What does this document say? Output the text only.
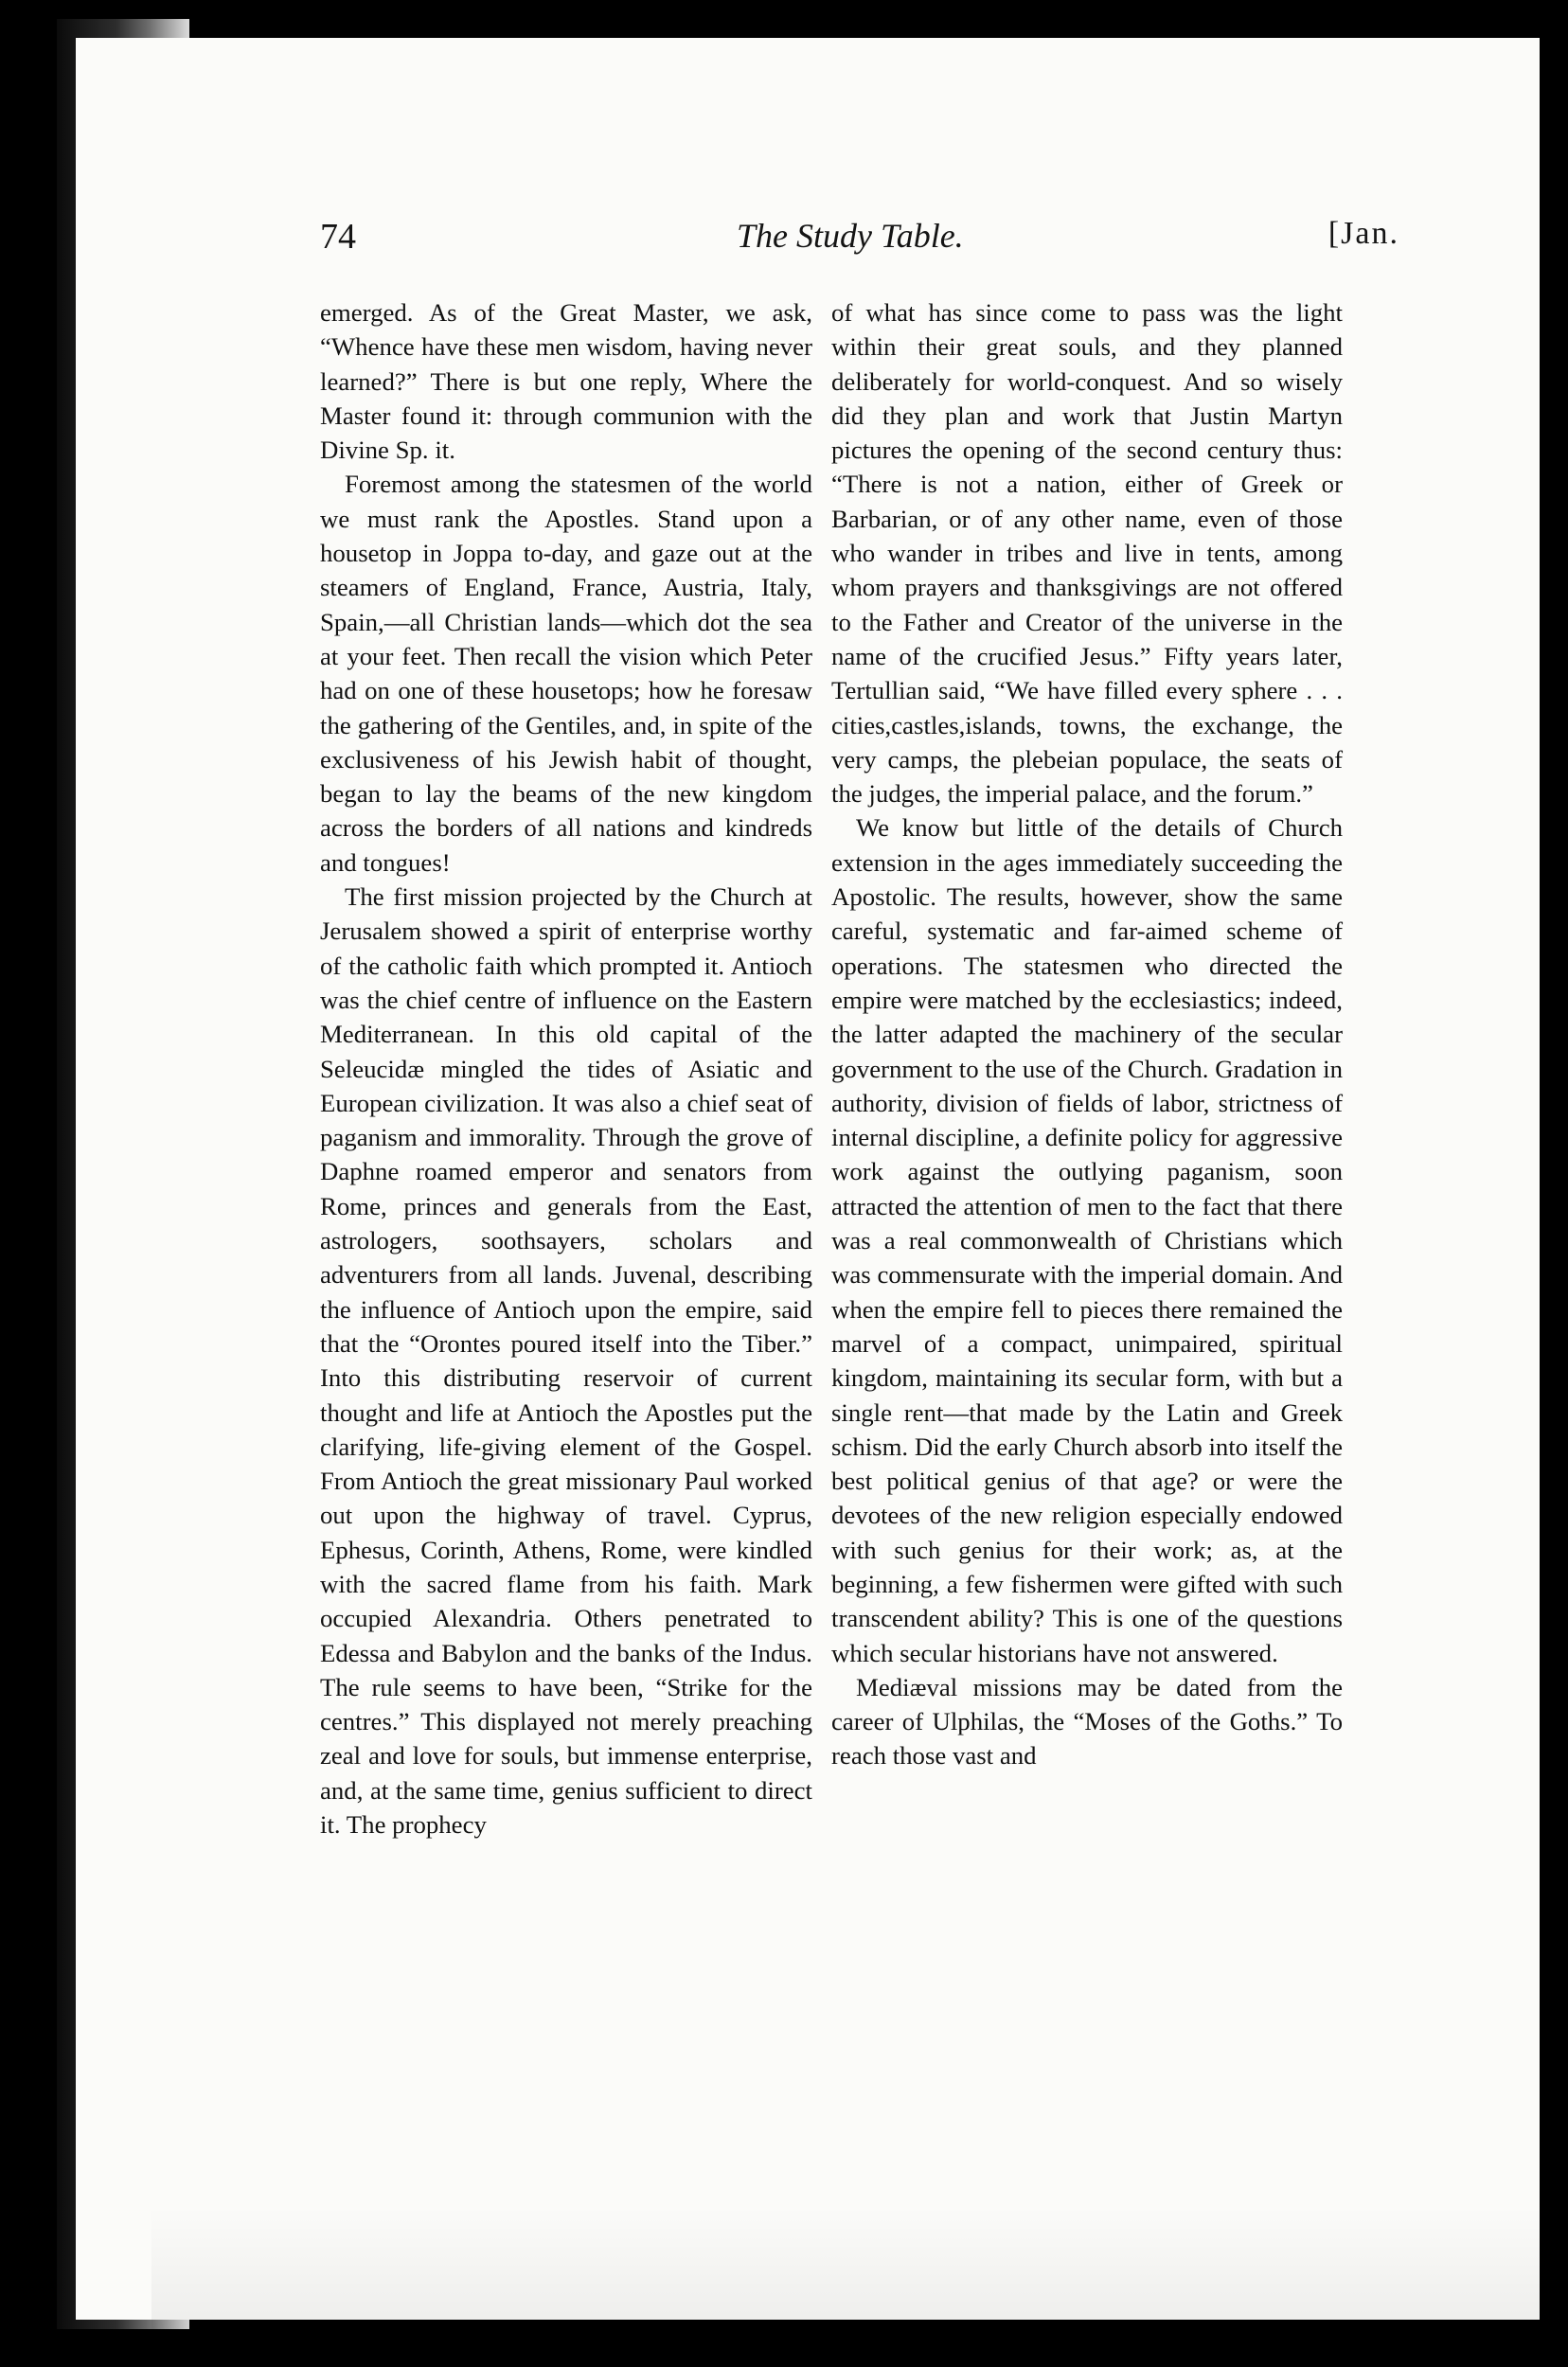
74	The Study Table.	[Jan.

emerged. As of the Great Master, we ask, “Whence have these men wisdom, having never learned?” There is but one reply, Where the Master found it: through communion with the Divine Sp. it.

Foremost among the statesmen of the world we must rank the Apostles. Stand upon a housetop in Joppa to-day, and gaze out at the steamers of England, France, Austria, Italy, Spain,—all Christian lands—which dot the sea at your feet. Then recall the vision which Peter had on one of these housetops; how he foresaw the gathering of the Gentiles, and, in spite of the exclusiveness of his Jewish habit of thought, began to lay the beams of the new kingdom across the borders of all nations and kindreds and tongues!

The first mission projected by the Church at Jerusalem showed a spirit of enterprise worthy of the catholic faith which prompted it. Antioch was the chief centre of influence on the Eastern Mediterranean. In this old capital of the Seleucidæ mingled the tides of Asiatic and European civilization. It was also a chief seat of paganism and immorality. Through the grove of Daphne roamed emperor and senators from Rome, princes and generals from the East, astrologers, soothsayers, scholars and adventurers from all lands. Juvenal, describing the influence of Antioch upon the empire, said that the “Orontes poured itself into the Tiber.” Into this distributing reservoir of current thought and life at Antioch the Apostles put the clarifying, life-giving element of the Gospel. From Antioch the great missionary Paul worked out upon the highway of travel. Cyprus, Ephesus, Corinth, Athens, Rome, were kindled with the sacred flame from his faith. Mark occupied Alexandria. Others penetrated to Edessa and Babylon and the banks of the Indus. The rule seems to have been, “Strike for the centres.” This displayed not merely preaching zeal and love for souls, but immense enterprise, and, at the same time, genius sufficient to direct it. The prophecy

of what has since come to pass was the light within their great souls, and they planned deliberately for world-conquest. And so wisely did they plan and work that Justin Martyn pictures the opening of the second century thus: “There is not a nation, either of Greek or Barbarian, or of any other name, even of those who wander in tribes and live in tents, among whom prayers and thanksgivings are not offered to the Father and Creator of the universe in the name of the crucified Jesus.” Fifty years later, Tertullian said, “We have filled every sphere . . . cities,castles,islands, towns, the exchange, the very camps, the plebeian populace, the seats of the judges, the imperial palace, and the forum.”

We know but little of the details of Church extension in the ages immediately succeeding the Apostolic. The results, however, show the same careful, systematic and far-aimed scheme of operations. The statesmen who directed the empire were matched by the ecclesiastics; indeed, the latter adapted the machinery of the secular government to the use of the Church. Gradation in authority, division of fields of labor, strictness of internal discipline, a definite policy for aggressive work against the outlying paganism, soon attracted the attention of men to the fact that there was a real commonwealth of Christians which was commensurate with the imperial domain. And when the empire fell to pieces there remained the marvel of a compact, unimpaired, spiritual kingdom, maintaining its secular form, with but a single rent—that made by the Latin and Greek schism. Did the early Church absorb into itself the best political genius of that age? or were the devotees of the new religion especially endowed with such genius for their work; as, at the beginning, a few fishermen were gifted with such transcendent ability? This is one of the questions which secular historians have not answered.

Mediæval missions may be dated from the career of Ulphilas, the “Moses of the Goths.” To reach those vast and
